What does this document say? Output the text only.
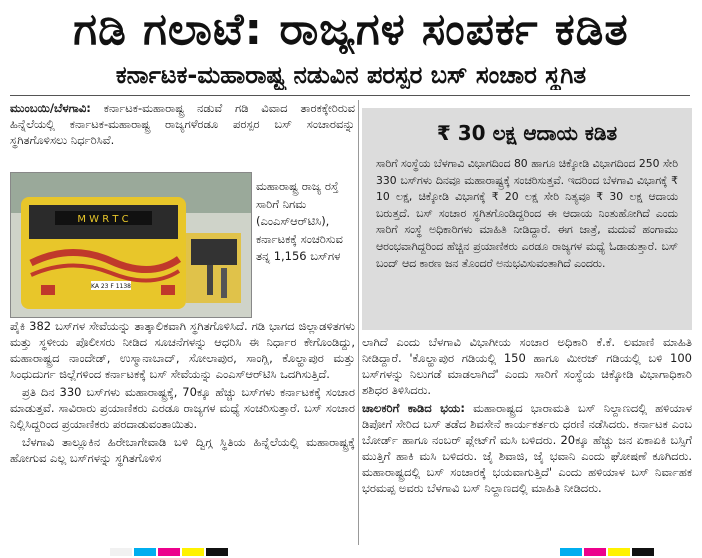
ಗಡಿ ಗಲಾಟೆ: ರಾಜ್ಯಗಳ ಸಂಪರ್ಕ ಕಡಿತ
ಕರ್ನಾಟಕ-ಮಹಾರಾಷ್ಟ್ರ ನಡುವಿನ ಪರಸ್ಪರ ಬಸ್ ಸಂಚಾರ ಸ್ಥಗಿತ

ಮುಂಬಯಿ/ಬೆಳಗಾವಿ: ಕರ್ನಾಟಕ-ಮಹಾರಾಷ್ಟ್ರ ನಡುವೆ ಗಡಿ ವಿವಾದ ತಾರಕಕ್ಕೇರಿರುವ ಹಿನ್ನೆಲೆಯಲ್ಲಿ ಕರ್ನಾಟಕ-ಮಹಾರಾಷ್ಟ್ರ ರಾಜ್ಯಗಳೆರಡೂ ಪರಸ್ಪರ ಬಸ್ ಸಂಚಾರವನ್ನು ಸ್ಥಗಿತಗೊಳಿಸಲು ನಿರ್ಧರಿಸಿವೆ.

M W R T C
KA 23 F 1138
ಮಹಾರಾಷ್ಟ್ರ ರಾಜ್ಯ ರಸ್ತೆ ಸಾರಿಗೆ ನಿಗಮ (ಎಂಎಸ್‌ಆರ್‌ಟಿಸಿ), ಕರ್ನಾಟಕಕ್ಕೆ ಸಂಚರಿಸುವ ತನ್ನ 1,156 ಬಸ್‌ಗಳ

ಪೈಕಿ 382 ಬಸ್‌ಗಳ ಸೇವೆಯನ್ನು ತಾತ್ಕಾಲಿಕವಾಗಿ ಸ್ಥಗಿತಗೊಳಿಸಿದೆ. ಗಡಿ ಭಾಗದ ಜಿಲ್ಲಾಡಳಿತಗಳು ಮತ್ತು ಸ್ಥಳೀಯ ಪೊಲೀಸರು ನೀಡಿದ ಸೂಚನೆಗಳನ್ನು ಆಧರಿಸಿ ಈ ನಿರ್ಧಾರ ಕೇಗೊಂಡಿದ್ದು, ಮಹಾರಾಷ್ಟ್ರದ ನಾಂದೇಡ್, ಉಸ್ಮಾನಾಬಾದ್, ಸೋಲಾಪುರ, ಸಾಂಗ್ಲಿ, ಕೊಲ್ಹಾಪುರ ಮತ್ತು ಸಿಂಧುದುರ್ಗ ಜಿಲ್ಲೆಗಳಿಂದ ಕರ್ನಾಟಕಕ್ಕೆ ಬಸ್ ಸೇವೆಯನ್ನು ಎಂಎಸ್‌ಆರ್‌ಟಿಸಿ ಒದಗಿಸುತ್ತಿದೆ.

ಪ್ರತಿ ದಿನ 330 ಬಸ್‌ಗಳು ಮಹಾರಾಷ್ಟ್ರಕ್ಕೆ, 70ಕ್ಕೂ ಹೆಚ್ಚು ಬಸ್‌ಗಳು ಕರ್ನಾಟಕಕ್ಕೆ ಸಂಚಾರ ಮಾಡುತ್ತವೆ. ಸಾವಿರಾರು ಪ್ರಯಾಣಿಕರು ಎರಡೂ ರಾಜ್ಯಗಳ ಮಧ್ಯೆ ಸಂಚರಿಸುತ್ತಾರೆ. ಬಸ್ ಸಂಚಾರ ನಿಲ್ಲಿಸಿದ್ದರಿಂದ ಪ್ರಯಾಣಿಕರು ಪರದಾಡುವಂತಾಯಿತು.

ಬೆಳಗಾವಿ ತಾಲ್ಲೂಕಿನ ಹಿರೇಬಾಗೇವಾಡಿ ಬಳಿ ದ್ವಿಗ್ಗ ಸ್ಥಿತಿಯ ಹಿನ್ನೆಲೆಯಲ್ಲಿ ಮಹಾರಾಷ್ಟ್ರಕ್ಕೆ ಹೋಗುವ ಎಲ್ಲ ಬಸ್‌ಗಳನ್ನು ಸ್ಥಗಿತಗೊಳಿಸ

₹ 30 ಲಕ್ಷ ಆದಾಯ ಕಡಿತ
ಸಾರಿಗೆ ಸಂಸ್ಥೆಯ ಬೆಳಗಾವಿ ವಿಭಾಗದಿಂದ 80 ಹಾಗೂ ಚಿಕ್ಕೋಡಿ ವಿಭಾಗದಿಂದ 250 ಸೇರಿ 330 ಬಸ್‌ಗಳು ದಿನವೂ ಮಹಾರಾಷ್ಟ್ರಕ್ಕೆ ಸಂಚರಿಸುತ್ತವೆ. ಇದರಿಂದ ಬೆಳಗಾವಿ ವಿಭಾಗಕ್ಕೆ ₹ 10 ಲಕ್ಷ, ಚಿಕ್ಕೋಡಿ ವಿಭಾಗಕ್ಕೆ ₹ 20 ಲಕ್ಷ ಸೇರಿ ನಿತ್ಯವೂ ₹ 30 ಲಕ್ಷ ಆದಾಯ ಬರುತ್ತದೆ. ಬಸ್ ಸಂಚಾರ ಸ್ಥಗಿತಗೊಂಡಿದ್ದರಿಂದ ಈ ಆದಾಯ ನಿಂತುಹೋಗಿದೆ ಎಂದು ಸಾರಿಗೆ ಸಂಸ್ಥೆ ಅಧಿಕಾರಿಗಳು ಮಾಹಿತಿ ನೀಡಿದ್ದಾರೆ. ಈಗ ಜಾತ್ರೆ, ಮದುವೆ ಹಂಗಾಮು ಆರಂಭವಾಗಿದ್ದರಿಂದ ಹೆಚ್ಚಿನ ಪ್ರಯಾಣಿಕರು ಎರಡೂ ರಾಜ್ಯಗಳ ಮಧ್ಯೆ ಓಡಾಡುತ್ತಾರೆ. ಬಸ್ ಬಂದ್ ಆದ ಕಾರಣ ಜನ ತೊಂದರೆ ಅನುಭವಿಸುವಂತಾಗಿದೆ ಎಂದರು.

ಲಾಗಿದೆ ಎಂದು ಬೆಳಗಾವಿ ವಿಭಾಗೀಯ ಸಂಚಾರ ಅಧಿಕಾರಿ ಕೆ.ಕೆ. ಲಮಾಣಿ ಮಾಹಿತಿ ನೀಡಿದ್ದಾರೆ. 'ಕೊಲ್ಹಾಪುರ ಗಡಿಯಲ್ಲಿ 150 ಹಾಗೂ ಮೀರಜ್ ಗಡಿಯಲ್ಲಿ ಬಳಿ 100 ಬಸ್‌ಗಳನ್ನು ನಿಲುಗಡೆ ಮಾಡಲಾಗಿದೆ' ಎಂದು ಸಾರಿಗೆ ಸಂಸ್ಥೆಯ ಚಿಕ್ಕೋಡಿ ವಿಭಾಗಾಧಿಕಾರಿ ಶಶಿಧರ ತಿಳಿಸಿದರು.

ಚಾಲಕರಿಗೆ ಕಾಡಿದ ಭಯ: ಮಹಾರಾಷ್ಟ್ರದ ಭಾರಾಮತಿ ಬಸ್ ನಿಲ್ದಾಣದಲ್ಲಿ ಹಳಿಯಾಳ ಡಿಪೋಗೆ ಸೇರಿದ ಬಸ್ ತಡೆದ ಶಿವಸೇನೆ ಕಾರ್ಯಕರ್ತರು ಧರಣಿ ನಡೆಸಿದರು. ಕರ್ನಾಟಕ ಎಂಬ ಬೋರ್ಡ್ ಹಾಗೂ ನಂಬರ್ ಪ್ಲೇಟ್‌ಗೆ ಮಸಿ ಬಳಿದರು. 20ಕ್ಕೂ ಹೆಚ್ಚು ಜನ ಏಕಾಏಕಿ ಬಸ್ಸಿಗೆ ಮುತ್ತಿಗೆ ಹಾಕಿ ಮಸಿ ಬಳಿದರು. ಜೈ ಶಿವಾಜಿ, ಜೈ ಭವಾನಿ ಎಂದು ಘೋಷಣೆ ಕೂಗಿದರು. ಮಹಾರಾಷ್ಟ್ರದಲ್ಲಿ ಬಸ್ ಸಂಚಾರಕ್ಕೆ ಭಯವಾಗುತ್ತಿದೆ' ಎಂದು ಹಳಿಯಾಳ ಬಸ್ ನಿರ್ವಾಹಕ ಭರಮಪ್ಪ ಅವರು ಬೆಳಗಾವಿ ಬಸ್ ನಿಲ್ದಾಣದಲ್ಲಿ ಮಾಹಿತಿ ನೀಡಿದರು.
